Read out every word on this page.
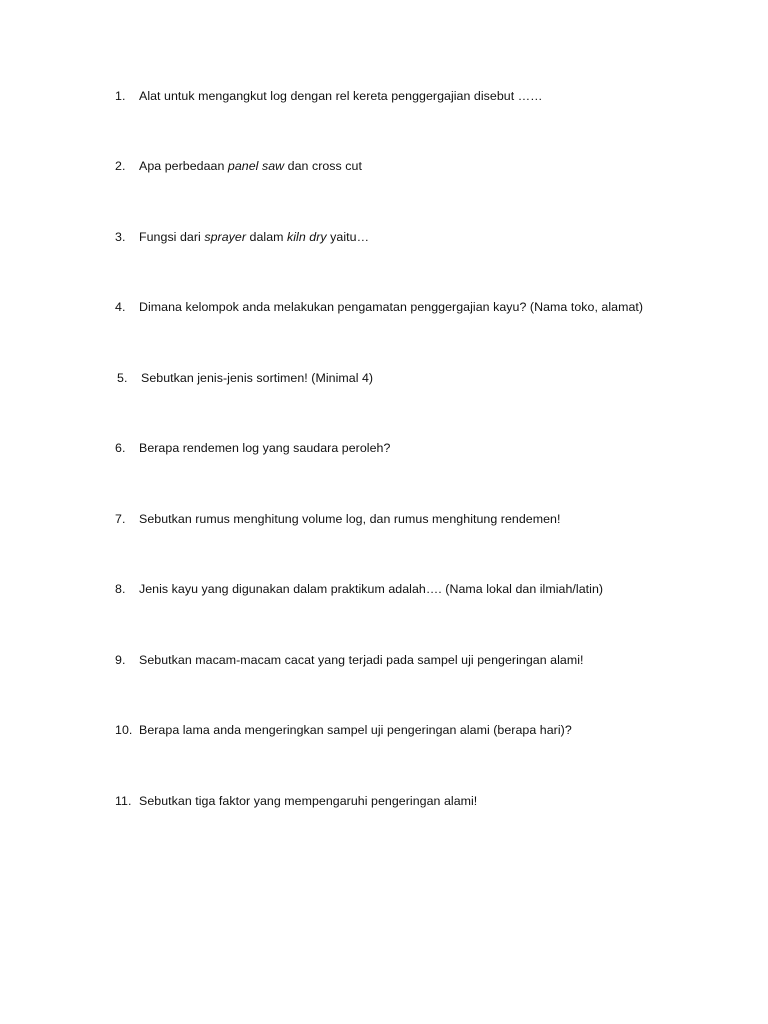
1. Alat untuk mengangkut log dengan rel kereta penggergajian disebut ……
2. Apa perbedaan panel saw dan cross cut
3. Fungsi dari sprayer dalam kiln dry yaitu…
4. Dimana kelompok anda melakukan pengamatan penggergajian kayu? (Nama toko, alamat)
5. Sebutkan jenis-jenis sortimen! (Minimal 4)
6. Berapa rendemen log yang saudara peroleh?
7. Sebutkan rumus menghitung volume log, dan rumus menghitung rendemen!
8. Jenis kayu yang digunakan dalam praktikum adalah…. (Nama lokal dan ilmiah/latin)
9. Sebutkan macam-macam cacat yang terjadi pada sampel uji pengeringan alami!
10. Berapa lama anda mengeringkan sampel uji pengeringan alami (berapa hari)?
11. Sebutkan tiga faktor yang mempengaruhi pengeringan alami!
